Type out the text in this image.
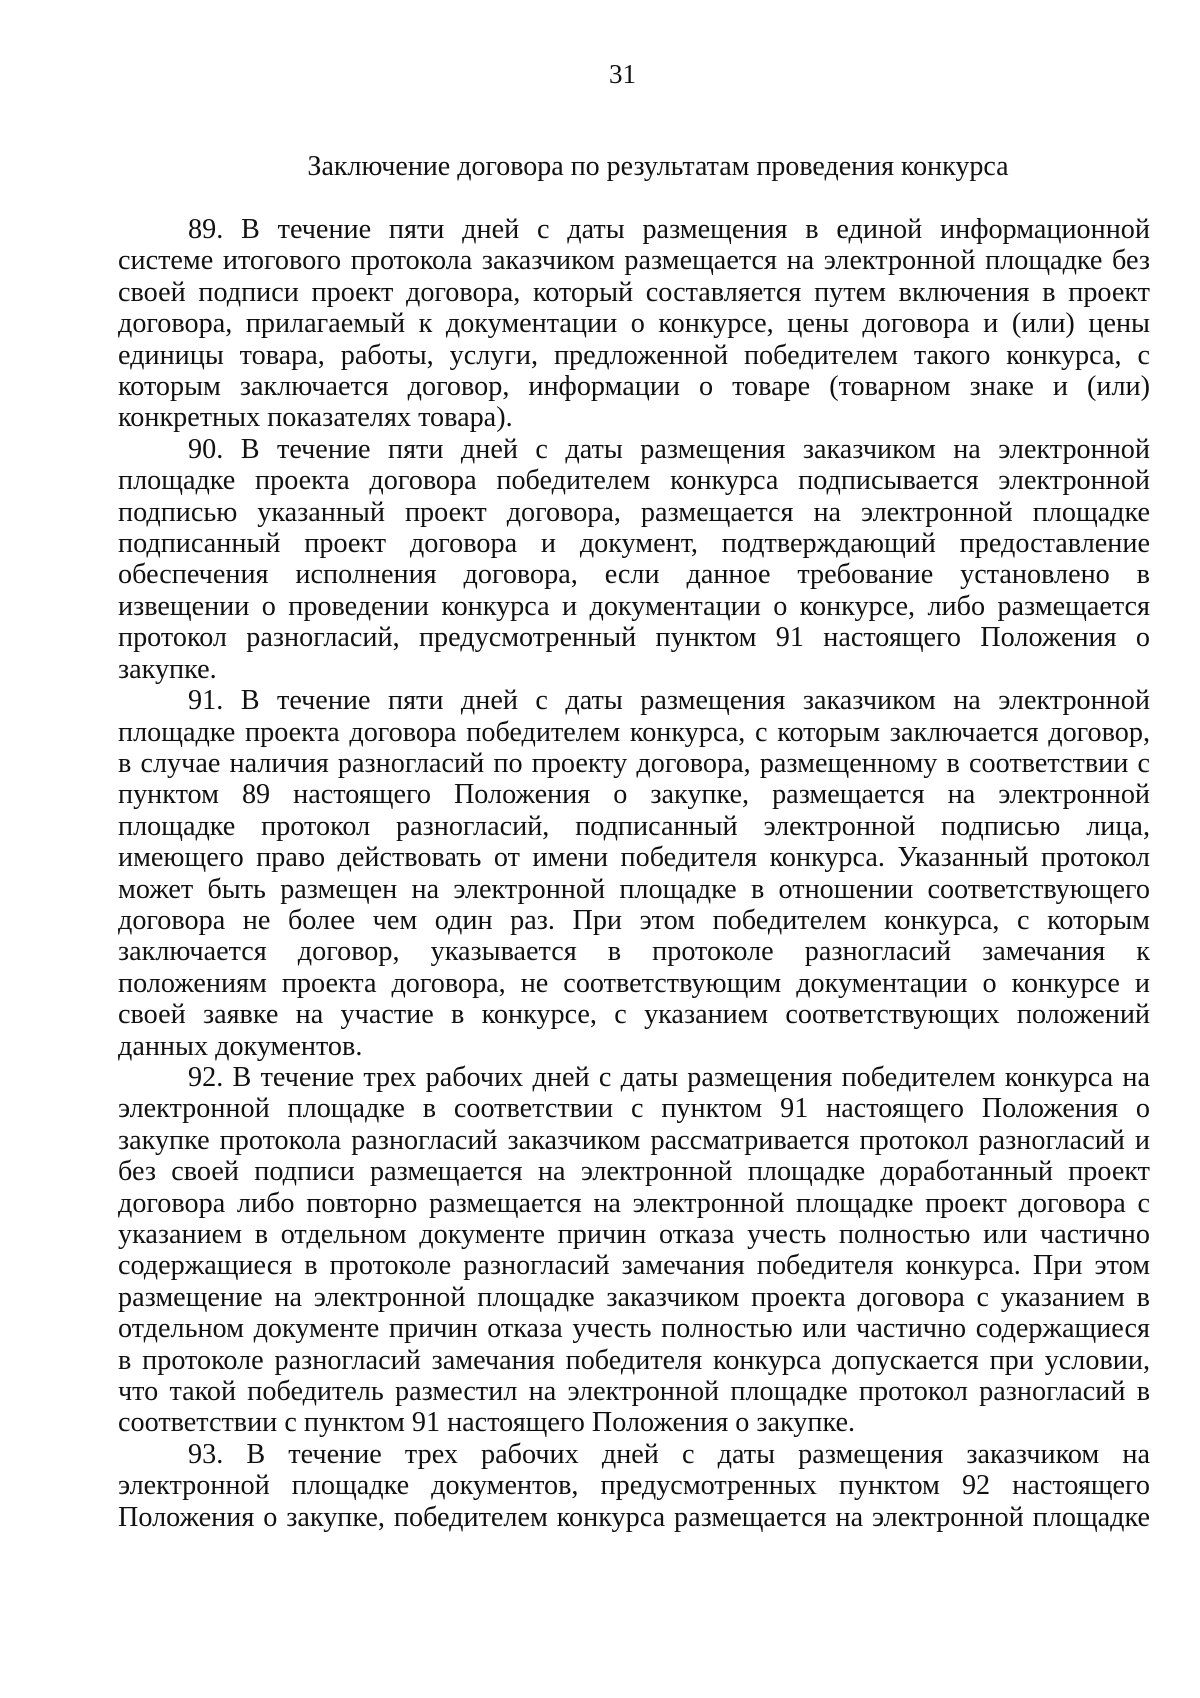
31
Заключение договора по результатам проведения конкурса

89. В течение пяти дней с даты размещения в единой информационной
системе итогового протокола заказчиком размещается на электронной площадке без
своей подписи проект договора, который составляется путем включения в проект
договора, прилагаемый к документации о конкурсе, цены договора и (или) цены
единицы товара, работы, услуги, предложенной победителем такого конкурса, с
которым заключается договор, информации о товаре (товарном знаке и (или)
конкретных показателях товара).

90. В течение пяти дней с даты размещения заказчиком на электронной
площадке проекта договора победителем конкурса подписывается электронной
подписью указанный проект договора, размещается на электронной площадке
подписанный проект договора и документ, подтверждающий предоставление
обеспечения исполнения договора, если данное требование установлено в
извещении о проведении конкурса и документации о конкурсе, либо размещается
протокол разногласий, предусмотренный пунктом 91 настоящего Положения о
закупке.

91. В течение пяти дней с даты размещения заказчиком на электронной
площадке проекта договора победителем конкурса, с которым заключается договор,
в случае наличия разногласий по проекту договора, размещенному в соответствии с
пунктом 89 настоящего Положения о закупке, размещается на электронной
площадке протокол разногласий, подписанный электронной подписью лица,
имеющего право действовать от имени победителя конкурса. Указанный протокол
может быть размещен на электронной площадке в отношении соответствующего
договора не более чем один раз. При этом победителем конкурса, с которым
заключается договор, указывается в протоколе разногласий замечания к
положениям проекта договора, не соответствующим документации о конкурсе и
своей заявке на участие в конкурсе, с указанием соответствующих положений
данных документов.

92. В течение трех рабочих дней с даты размещения победителем конкурса на
электронной площадке в соответствии с пунктом 91 настоящего Положения о
закупке протокола разногласий заказчиком рассматривается протокол разногласий и
без своей подписи размещается на электронной площадке доработанный проект
договора либо повторно размещается на электронной площадке проект договора с
указанием в отдельном документе причин отказа учесть полностью или частично
содержащиеся в протоколе разногласий замечания победителя конкурса. При этом
размещение на электронной площадке заказчиком проекта договора с указанием в
отдельном документе причин отказа учесть полностью или частично содержащиеся
в протоколе разногласий замечания победителя конкурса допускается при условии,
что такой победитель разместил на электронной площадке протокол разногласий в
соответствии с пунктом 91 настоящего Положения о закупке.

93. В течение трех рабочих дней с даты размещения заказчиком на
электронной площадке документов, предусмотренных пунктом 92 настоящего
Положения о закупке, победителем конкурса размещается на электронной площадке
